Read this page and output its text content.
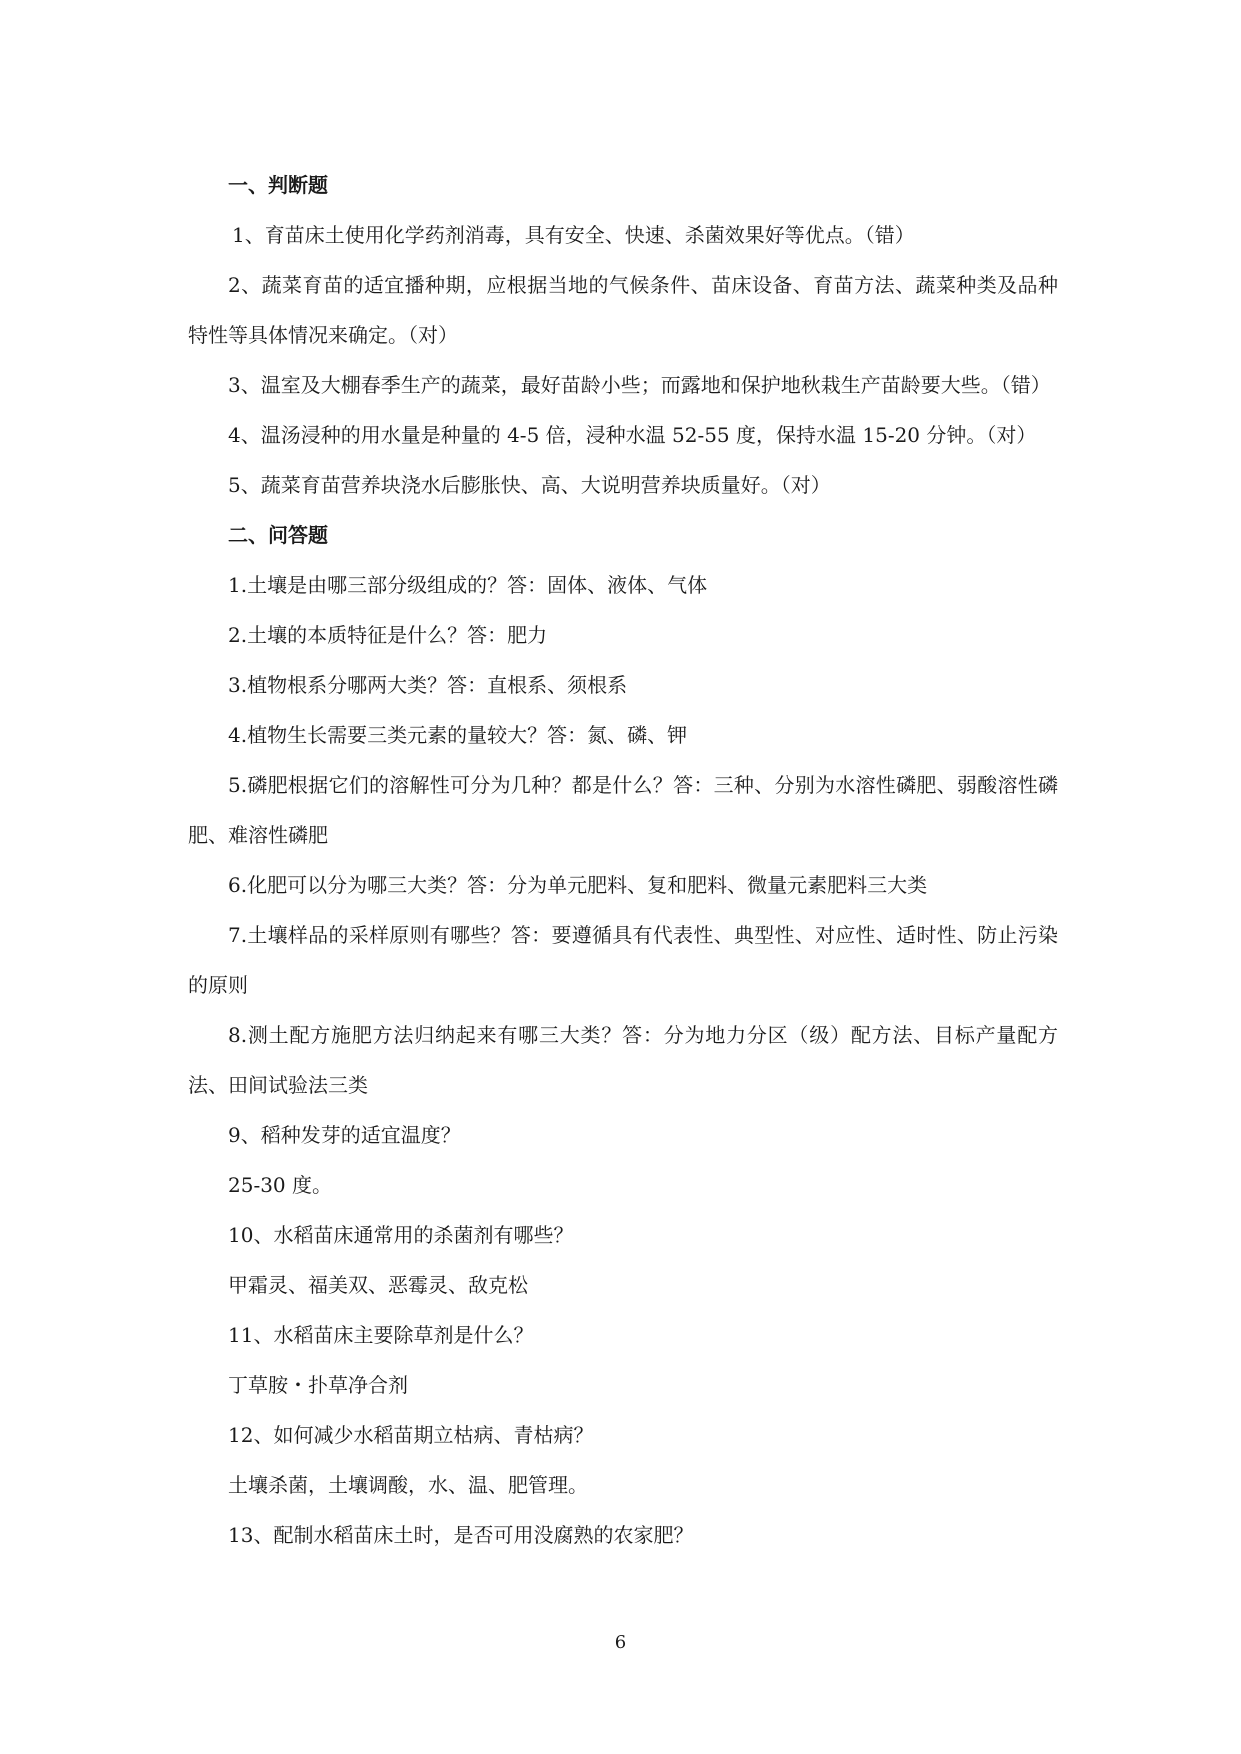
一、判断题

1、育苗床土使用化学药剂消毒，具有安全、快速、杀菌效果好等优点。（错）

2、蔬菜育苗的适宜播种期，应根据当地的气候条件、苗床设备、育苗方法、蔬菜种类及品种特性等具体情况来确定。（对）

3、温室及大棚春季生产的蔬菜，最好苗龄小些；而露地和保护地秋栽生产苗龄要大些。（错）

4、温汤浸种的用水量是种量的 4-5 倍，浸种水温 52-55 度，保持水温 15-20 分钟。（对）

5、蔬菜育苗营养块浇水后膨胀快、高、大说明营养块质量好。（对）

二、问答题

1.土壤是由哪三部分级组成的？答：固体、液体、气体

2.土壤的本质特征是什么？答：肥力

3.植物根系分哪两大类？答：直根系、须根系

4.植物生长需要三类元素的量较大？答：氮、磷、钾

5.磷肥根据它们的溶解性可分为几种？都是什么？答：三种、分别为水溶性磷肥、弱酸溶性磷肥、难溶性磷肥

6.化肥可以分为哪三大类？答：分为单元肥料、复和肥料、微量元素肥料三大类

7.土壤样品的采样原则有哪些？答：要遵循具有代表性、典型性、对应性、适时性、防止污染的原则

8.测土配方施肥方法归纳起来有哪三大类？答：分为地力分区（级）配方法、目标产量配方法、田间试验法三类

9、稻种发芽的适宜温度？

25-30 度。

10、水稻苗床通常用的杀菌剂有哪些？

甲霜灵、福美双、恶霉灵、敌克松

11、水稻苗床主要除草剂是什么？

丁草胺・扑草净合剂

12、如何减少水稻苗期立枯病、青枯病？

土壤杀菌，土壤调酸，水、温、肥管理。

13、配制水稻苗床土时，是否可用没腐熟的农家肥？

6
